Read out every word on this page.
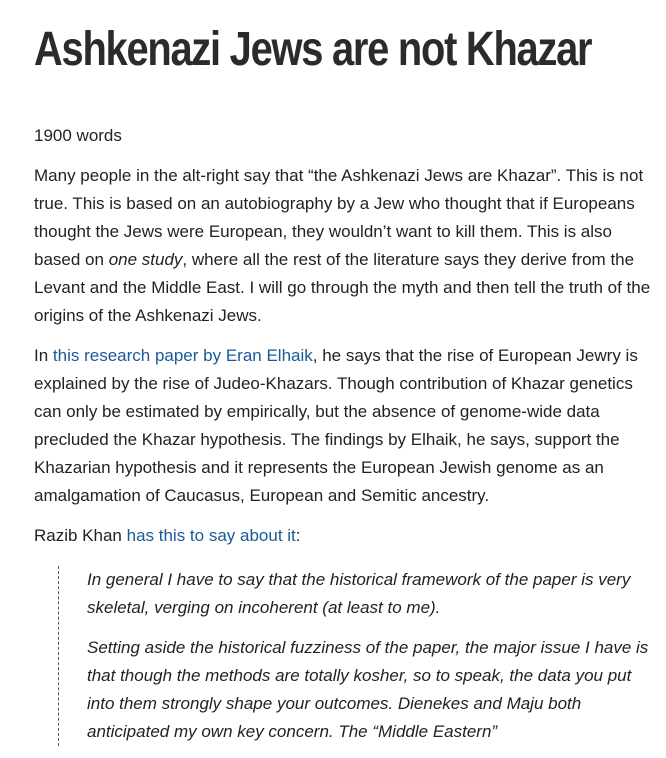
Ashkenazi Jews are not Khazar
1900 words

Many people in the alt-right say that “the Ashkenazi Jews are Khazar”. This is not true. This is based on an autobiography by a Jew who thought that if Europeans thought the Jews were European, they wouldn’t want to kill them. This is also based on one study, where all the rest of the literature says they derive from the Levant and the Middle East. I will go through the myth and then tell the truth of the origins of the Ashkenazi Jews.

In this research paper by Eran Elhaik, he says that the rise of European Jewry is explained by the rise of Judeo-Khazars. Though contribution of Khazar genetics can only be estimated by empirically, but the absence of genome-wide data precluded the Khazar hypothesis. The findings by Elhaik, he says, support the Khazarian hypothesis and it represents the European Jewish genome as an amalgamation of Caucasus, European and Semitic ancestry.

Razib Khan has this to say about it:

In general I have to say that the historical framework of the paper is very skeletal, verging on incoherent (at least to me).

Setting aside the historical fuzziness of the paper, the major issue I have is that though the methods are totally kosher, so to speak, the data you put into them strongly shape your outcomes. Dienekes and Maju both anticipated my own key concern. The “Middle Eastern”
